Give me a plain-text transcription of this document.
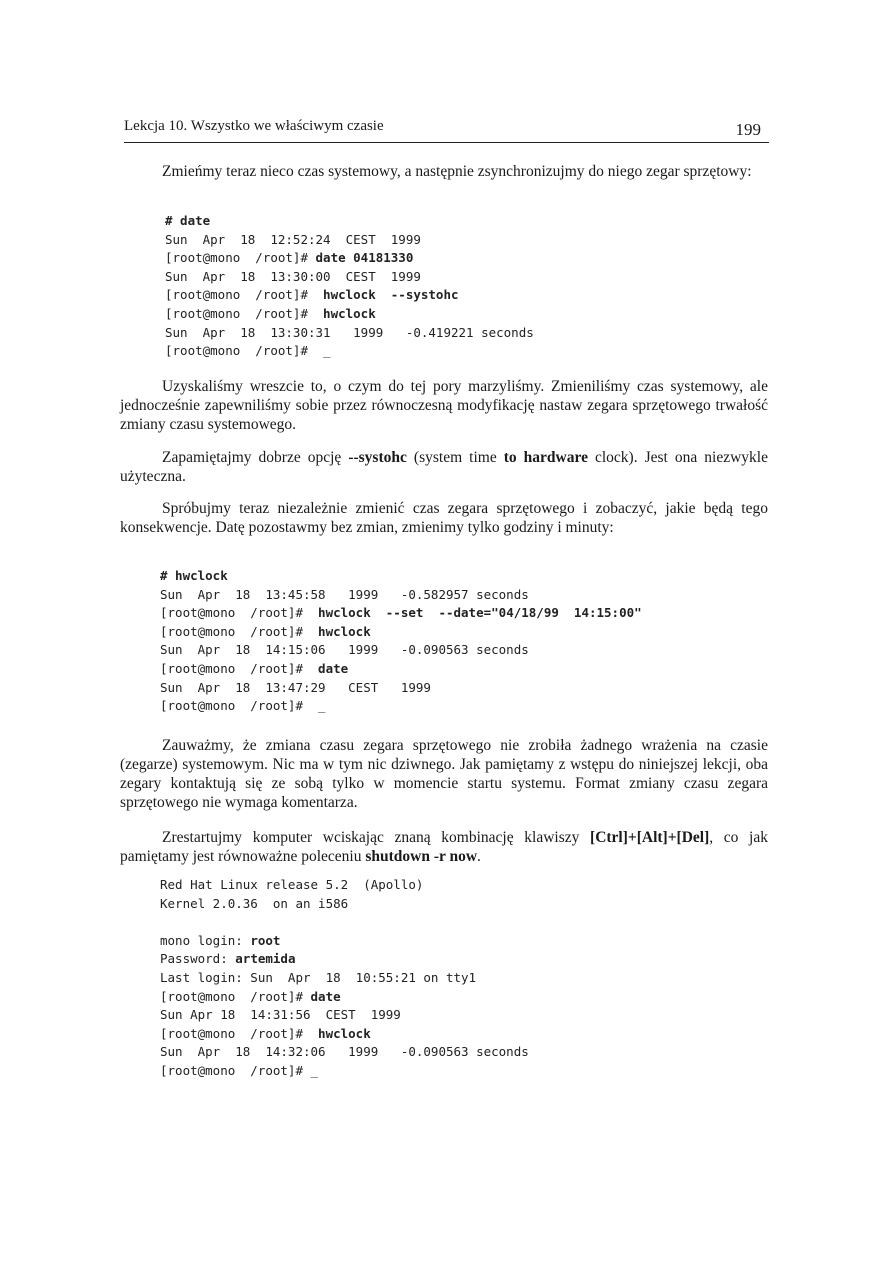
Lekcja 10. Wszystko we właściwym czasie	199

Zmieńmy teraz nieco czas systemowy, a następnie zsynchronizujmy do niego zegar sprzętowy:

# date
Sun  Apr  18  12:52:24  CEST  1999
[root@mono  /root]# date 04181330
Sun  Apr  18  13:30:00  CEST  1999
[root@mono  /root]#  hwclock  --systohc
[root@mono  /root]#  hwclock
Sun  Apr  18  13:30:31   1999   -0.419221 seconds
[root@mono  /root]#  _

Uzyskaliśmy wreszcie to, o czym do tej pory marzyliśmy. Zmieniliśmy czas systemowy, ale jednocześnie zapewniliśmy sobie przez równoczesną modyfikację nastaw zegara sprzętowego trwałość zmiany czasu systemowego.

Zapamiętajmy dobrze opcję --systohc (system time to hardware clock). Jest ona niezwykle użyteczna.

Spróbujmy teraz niezależnie zmienić czas zegara sprzętowego i zobaczyć, jakie będą tego konsekwencje. Datę pozostawmy bez zmian, zmienimy tylko godziny i minuty:

# hwclock
Sun  Apr  18  13:45:58   1999   -0.582957 seconds
[root@mono  /root]#  hwclock  --set  --date="04/18/99  14:15:00"
[root@mono  /root]#  hwclock
Sun  Apr  18  14:15:06   1999   -0.090563 seconds
[root@mono  /root]#  date
Sun  Apr  18  13:47:29   CEST   1999
[root@mono  /root]#  _

Zauważmy, że zmiana czasu zegara sprzętowego nie zrobiła żadnego wrażenia na czasie (zegarze) systemowym. Nic ma w tym nic dziwnego. Jak pamiętamy z wstępu do niniejszej lekcji, oba zegary kontaktują się ze sobą tylko w momencie startu systemu. Format zmiany czasu zegara sprzętowego nie wymaga komentarza.

Zrestartujmy komputer wciskając znaną kombinację klawiszy [Ctrl]+[Alt]+[Del], co jak pamiętamy jest równoważne poleceniu shutdown -r now.

Red Hat Linux release 5.2  (Apollo)
Kernel 2.0.36  on an i586
mono login: root
Password: artemida
Last login: Sun  Apr  18  10:55:21 on tty1
[root@mono  /root]# date
Sun Apr 18  14:31:56  CEST  1999
[root@mono  /root]#  hwclock
Sun  Apr  18  14:32:06   1999   -0.090563 seconds
[root@mono  /root]# _
